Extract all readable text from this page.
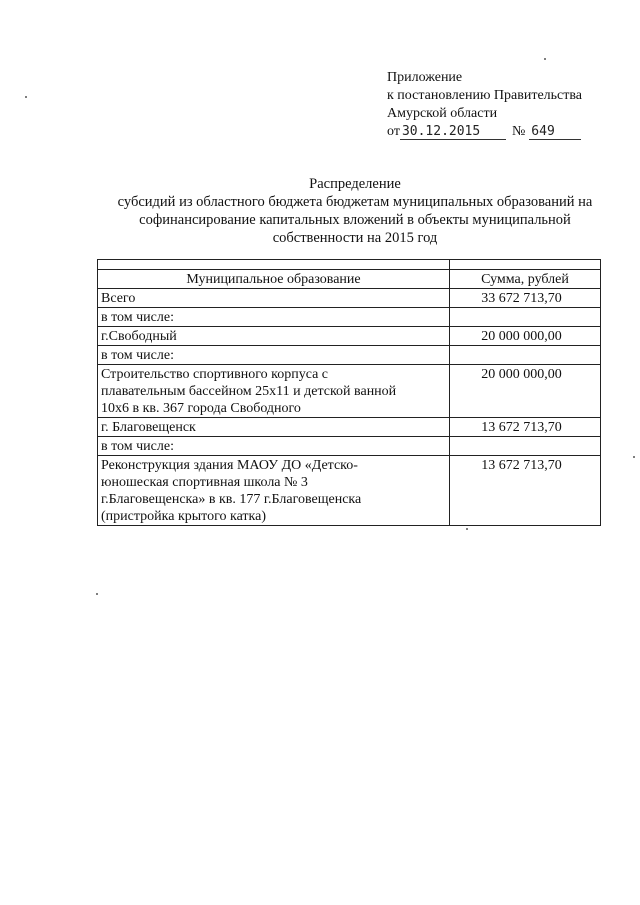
Приложение
к постановлению Правительства
Амурской области
от 30.12.2015 № 649
Распределение
субсидий из областного бюджета бюджетам муниципальных образований на
софинансирование капитальных вложений в объекты муниципальной
собственности на 2015 год

Муниципальное образование	Сумма, рублей

Всего	33 672 713,70

в том числе:	

г.Свободный	20 000 000,00

в том числе:	

Строительство спортивного корпуса с
плавательным бассейном 25х11 и детской ванной
10х6 в кв. 367 города Свободного	20 000 000,00

г. Благовещенск	13 672 713,70

в том числе:	

Реконструкция здания МАОУ ДО «Детско-
юношеская спортивная школа № 3
г.Благовещенска» в кв. 177 г.Благовещенска
(пристройка крытого катка)	13 672 713,70
